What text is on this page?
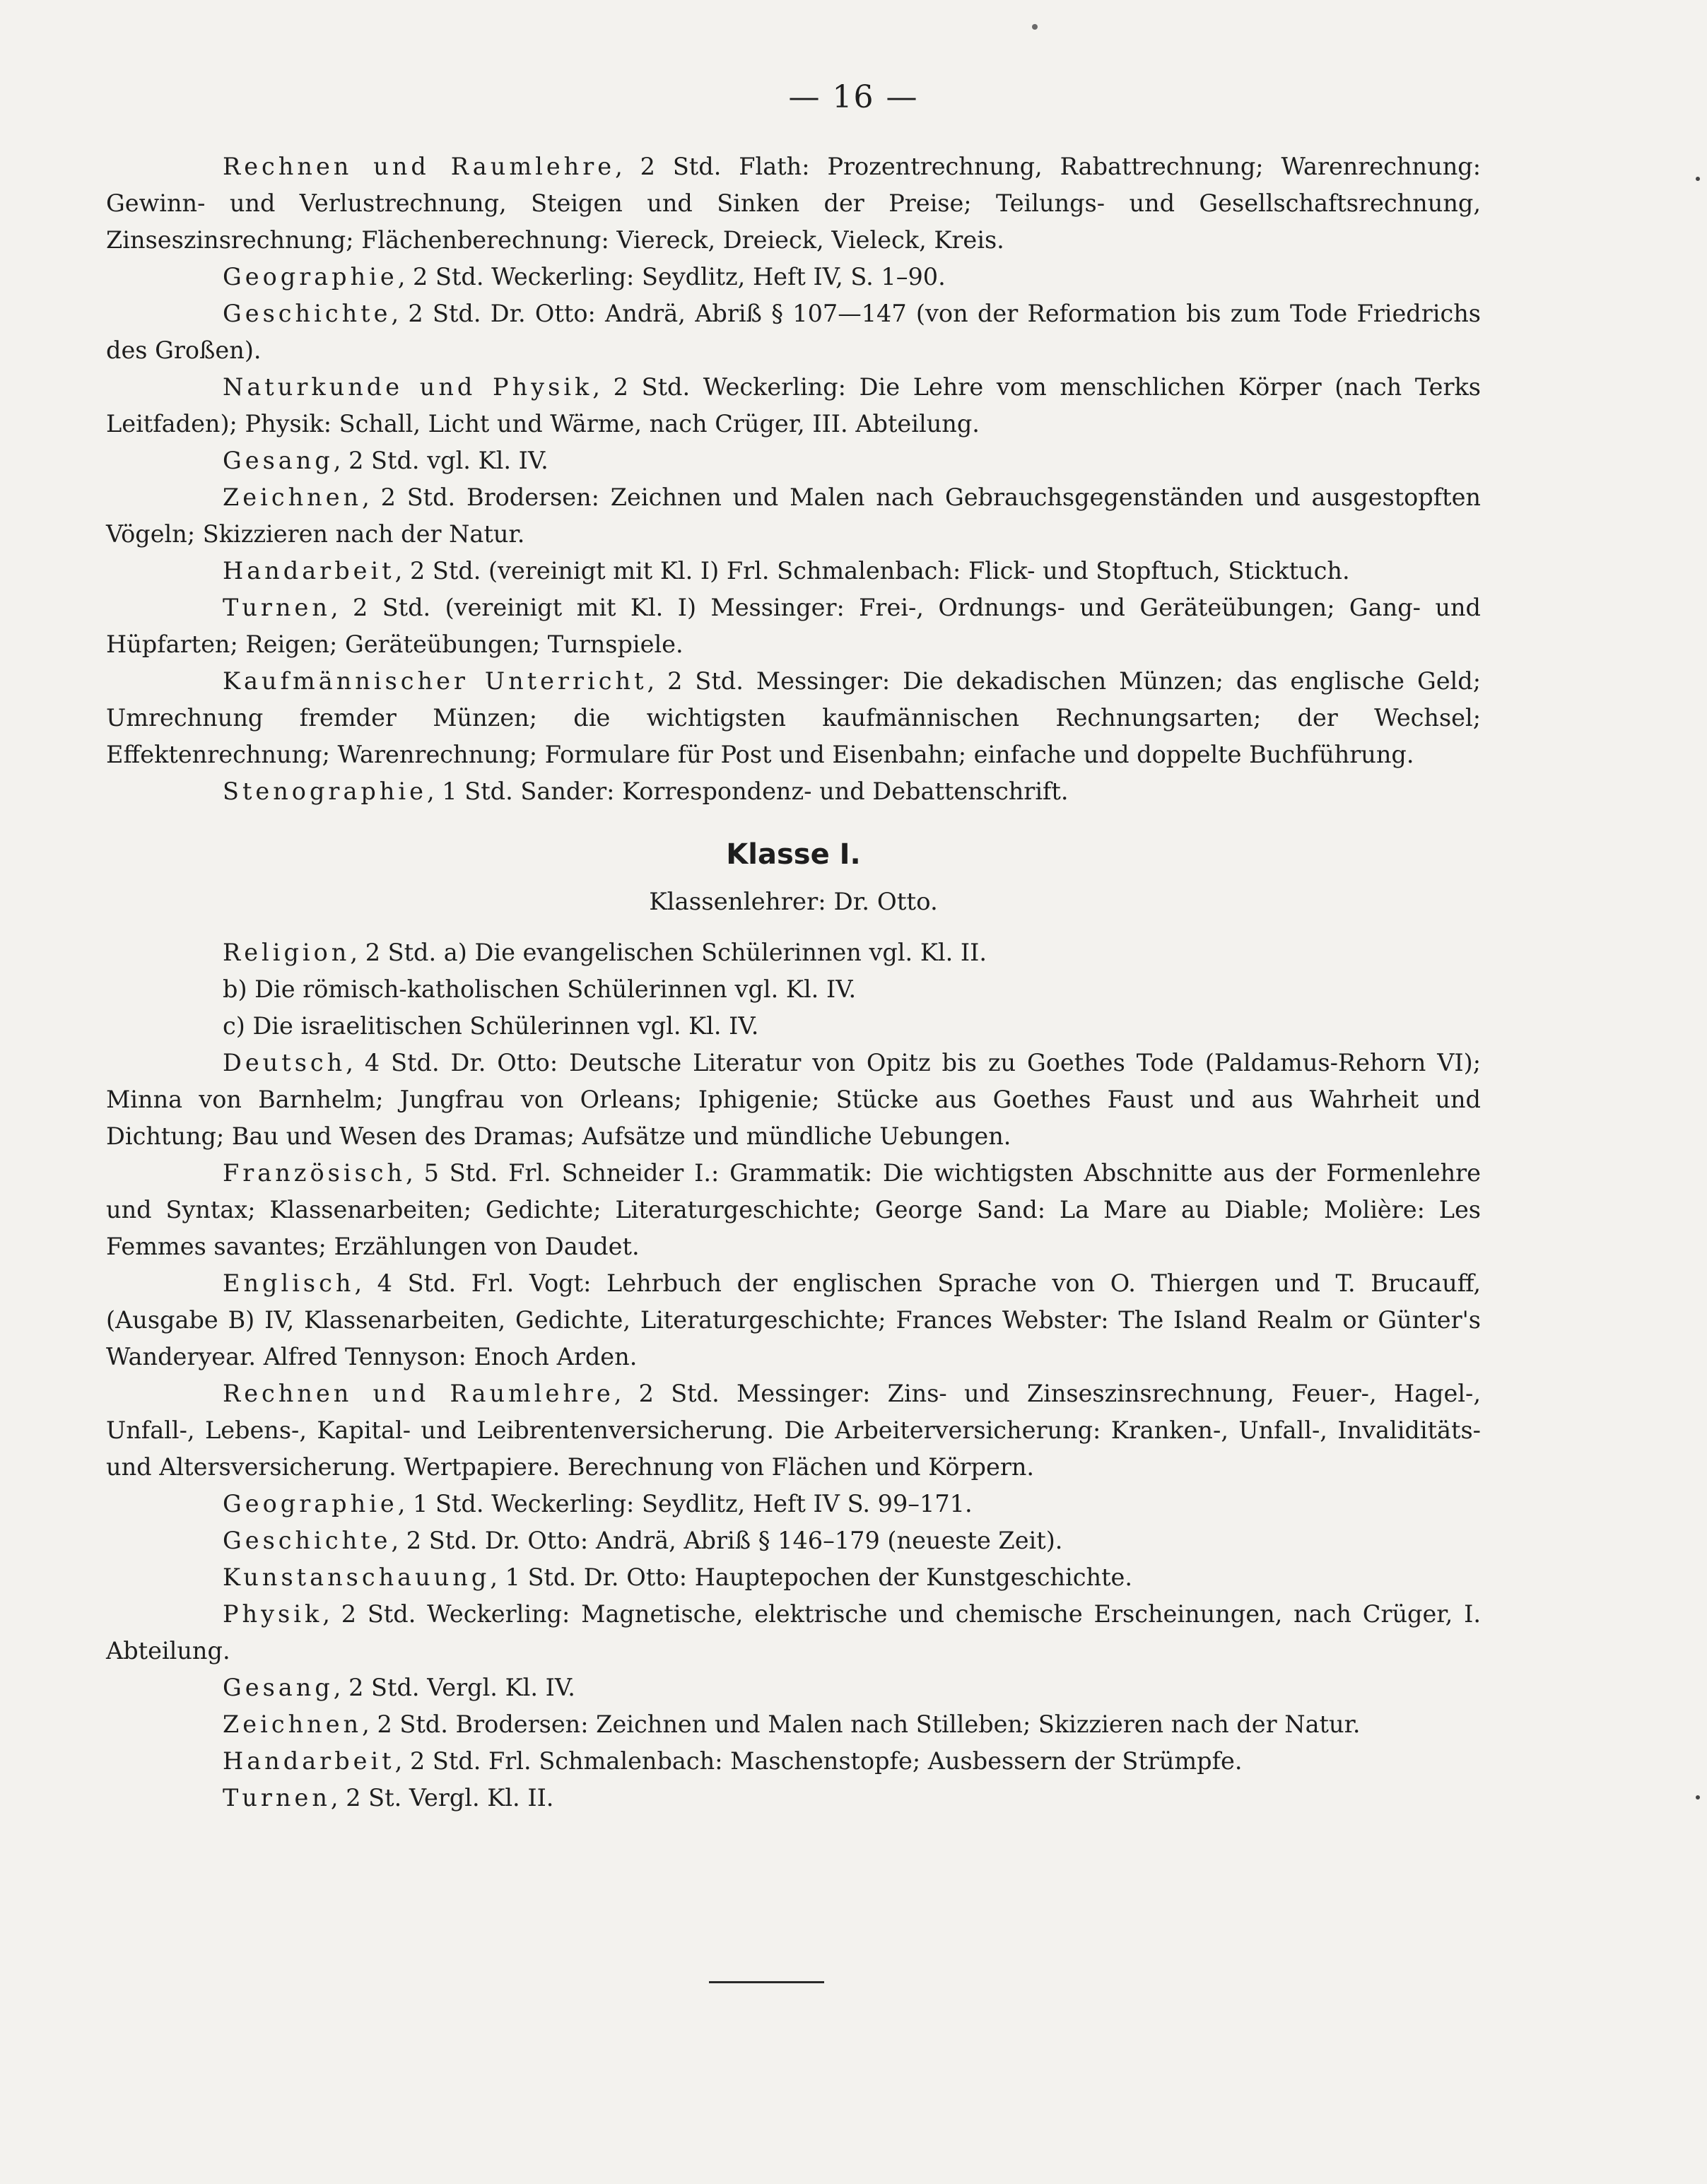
— 16 —

Rechnen und Raumlehre, 2 Std. Flath: Prozentrechnung, Rabattrechnung; Warenrechnung: Gewinn- und Verlustrechnung, Steigen und Sinken der Preise; Teilungs- und Gesellschaftsrechnung, Zinseszinsrechnung; Flächenberechnung: Viereck, Dreieck, Vieleck, Kreis.

Geographie, 2 Std. Weckerling: Seydlitz, Heft IV, S. 1–90.

Geschichte, 2 Std. Dr. Otto: Andrä, Abriß § 107—147 (von der Reformation bis zum Tode Friedrichs des Großen).

Naturkunde und Physik, 2 Std. Weckerling: Die Lehre vom menschlichen Körper (nach Terks Leitfaden); Physik: Schall, Licht und Wärme, nach Crüger, III. Abteilung.

Gesang, 2 Std. vgl. Kl. IV.

Zeichnen, 2 Std. Brodersen: Zeichnen und Malen nach Gebrauchsgegenständen und ausgestopften Vögeln; Skizzieren nach der Natur.

Handarbeit, 2 Std. (vereinigt mit Kl. I) Frl. Schmalenbach: Flick- und Stopftuch, Sticktuch.

Turnen, 2 Std. (vereinigt mit Kl. I) Messinger: Frei-, Ordnungs- und Geräteübungen; Gang- und Hüpfarten; Reigen; Geräteübungen; Turnspiele.

Kaufmännischer Unterricht, 2 Std. Messinger: Die dekadischen Münzen; das englische Geld; Umrechnung fremder Münzen; die wichtigsten kaufmännischen Rechnungsarten; der Wechsel; Effektenrechnung; Warenrechnung; Formulare für Post und Eisenbahn; einfache und doppelte Buchführung.

Stenographie, 1 Std. Sander: Korrespondenz- und Debattenschrift.

Klasse I.
Klassenlehrer: Dr. Otto.

Religion, 2 Std. a) Die evangelischen Schülerinnen vgl. Kl. II.

b) Die römisch-katholischen Schülerinnen vgl. Kl. IV.

c) Die israelitischen Schülerinnen vgl. Kl. IV.

Deutsch, 4 Std. Dr. Otto: Deutsche Literatur von Opitz bis zu Goethes Tode (Paldamus-Rehorn VI); Minna von Barnhelm; Jungfrau von Orleans; Iphigenie; Stücke aus Goethes Faust und aus Wahrheit und Dichtung; Bau und Wesen des Dramas; Aufsätze und mündliche Uebungen.

Französisch, 5 Std. Frl. Schneider I.: Grammatik: Die wichtigsten Abschnitte aus der Formenlehre und Syntax; Klassenarbeiten; Gedichte; Literaturgeschichte; George Sand: La Mare au Diable; Molière: Les Femmes savantes; Erzählungen von Daudet.

Englisch, 4 Std. Frl. Vogt: Lehrbuch der englischen Sprache von O. Thiergen und T. Brucauff, (Ausgabe B) IV, Klassenarbeiten, Gedichte, Literaturgeschichte; Frances Webster: The Island Realm or Günter's Wanderyear. Alfred Tennyson: Enoch Arden.

Rechnen und Raumlehre, 2 Std. Messinger: Zins- und Zinseszinsrechnung, Feuer-, Hagel-, Unfall-, Lebens-, Kapital- und Leibrentenversicherung. Die Arbeiterversicherung: Kranken-, Unfall-, Invaliditäts- und Altersversicherung. Wertpapiere. Berechnung von Flächen und Körpern.

Geographie, 1 Std. Weckerling: Seydlitz, Heft IV S. 99–171.

Geschichte, 2 Std. Dr. Otto: Andrä, Abriß § 146–179 (neueste Zeit).

Kunstanschauung, 1 Std. Dr. Otto: Hauptepochen der Kunstgeschichte.

Physik, 2 Std. Weckerling: Magnetische, elektrische und chemische Erscheinungen, nach Crüger, I. Abteilung.

Gesang, 2 Std. Vergl. Kl. IV.

Zeichnen, 2 Std. Brodersen: Zeichnen und Malen nach Stilleben; Skizzieren nach der Natur.

Handarbeit, 2 Std. Frl. Schmalenbach: Maschenstopfe; Ausbessern der Strümpfe.

Turnen, 2 St. Vergl. Kl. II.
